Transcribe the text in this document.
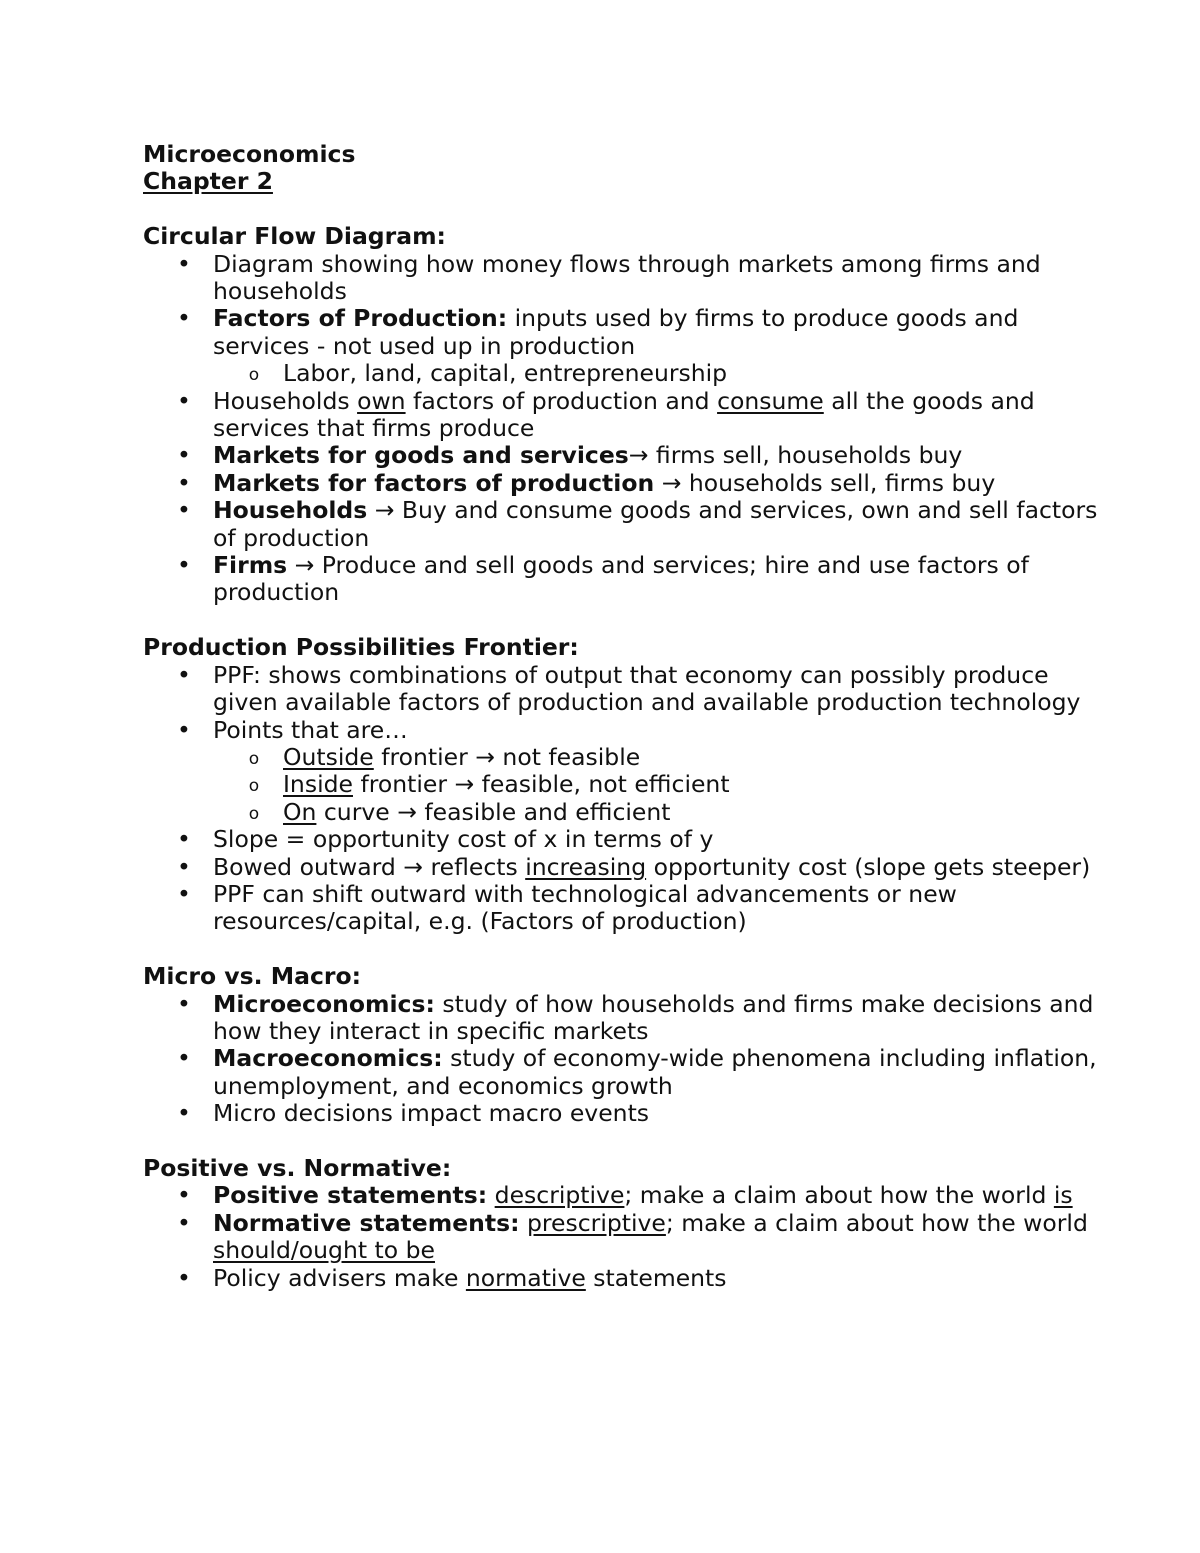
Microeconomics

Chapter 2

Circular Flow Diagram:

• Diagram showing how money flows through markets among firms and households
• Factors of Production: inputs used by firms to produce goods and services - not used up in production
o Labor, land, capital, entrepreneurship
• Households own factors of production and consume all the goods and services that firms produce
• Markets for goods and services→ firms sell, households buy
• Markets for factors of production → households sell, firms buy
• Households → Buy and consume goods and services, own and sell factors of production
• Firms → Produce and sell goods and services; hire and use factors of production

Production Possibilities Frontier:

• PPF: shows combinations of output that economy can possibly produce given available factors of production and available production technology
• Points that are…
o Outside frontier → not feasible
o Inside frontier → feasible, not efficient
o On curve → feasible and efficient
• Slope = opportunity cost of x in terms of y
• Bowed outward → reflects increasing opportunity cost (slope gets steeper)
• PPF can shift outward with technological advancements or new resources/capital, e.g. (Factors of production)

Micro vs. Macro:

• Microeconomics: study of how households and firms make decisions and how they interact in specific markets
• Macroeconomics: study of economy-wide phenomena including inflation, unemployment, and economics growth
• Micro decisions impact macro events

Positive vs. Normative:

• Positive statements: descriptive; make a claim about how the world is
• Normative statements: prescriptive; make a claim about how the world should/ought to be
• Policy advisers make normative statements
